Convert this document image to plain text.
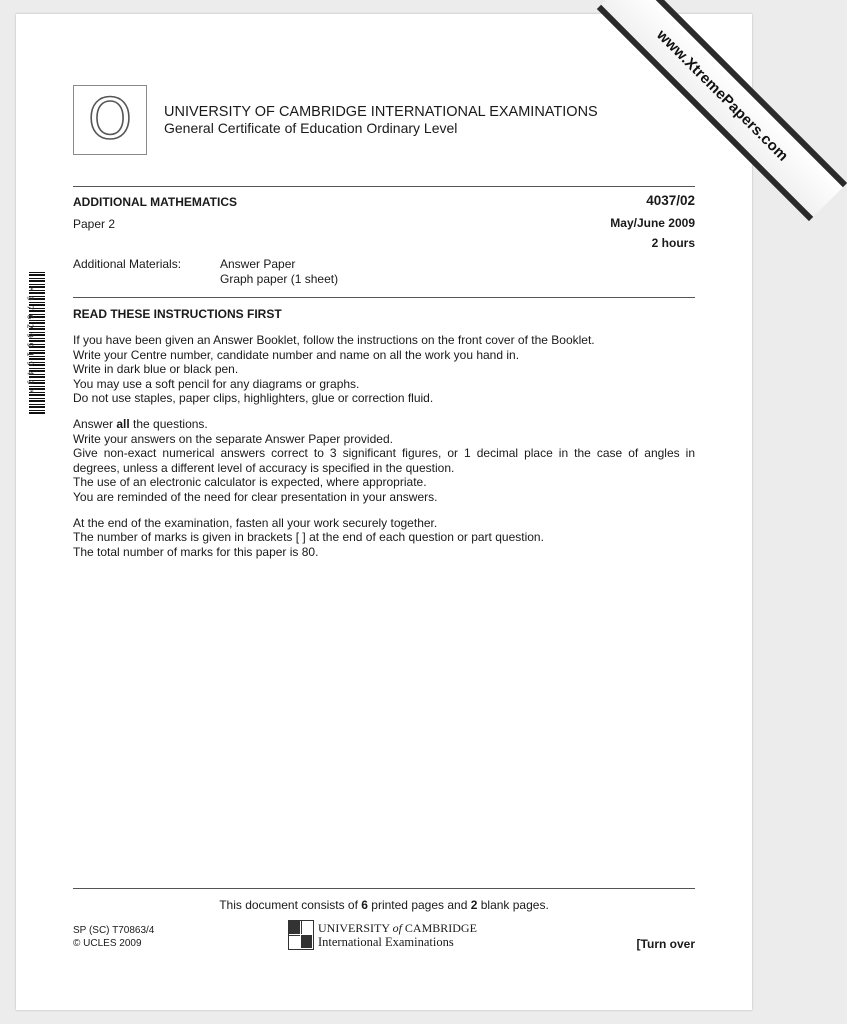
www.XtremePapers.com
O UNIVERSITY OF CAMBRIDGE INTERNATIONAL EXAMINATIONS
General Certificate of Education Ordinary Level
ADDITIONAL MATHEMATICS	4037/02
Paper 2	May/June 2009
2 hours
Additional Materials:	Answer Paper
Graph paper (1 sheet)
*9762991949*	READ THESE INSTRUCTIONS FIRST

If you have been given an Answer Booklet, follow the instructions on the front cover of the Booklet.

Write your Centre number, candidate number and name on all the work you hand in.

Write in dark blue or black pen.

You may use a soft pencil for any diagrams or graphs.

Do not use staples, paper clips, highlighters, glue or correction fluid.

Answer all the questions.

Write your answers on the separate Answer Paper provided.

Give non-exact numerical answers correct to 3 significant figures, or 1 decimal place in the case of angles in degrees, unless a different level of accuracy is specified in the question.

The use of an electronic calculator is expected, where appropriate.

You are reminded of the need for clear presentation in your answers.

At the end of the examination, fasten all your work securely together.

The number of marks is given in brackets [ ] at the end of each question or part question.

The total number of marks for this paper is 80.

This document consists of 6 printed pages and 2 blank pages.
SP (SC) T70863/4
© UCLES 2009
UNIVERSITY of CAMBRIDGE
International Examinations	[Turn over
